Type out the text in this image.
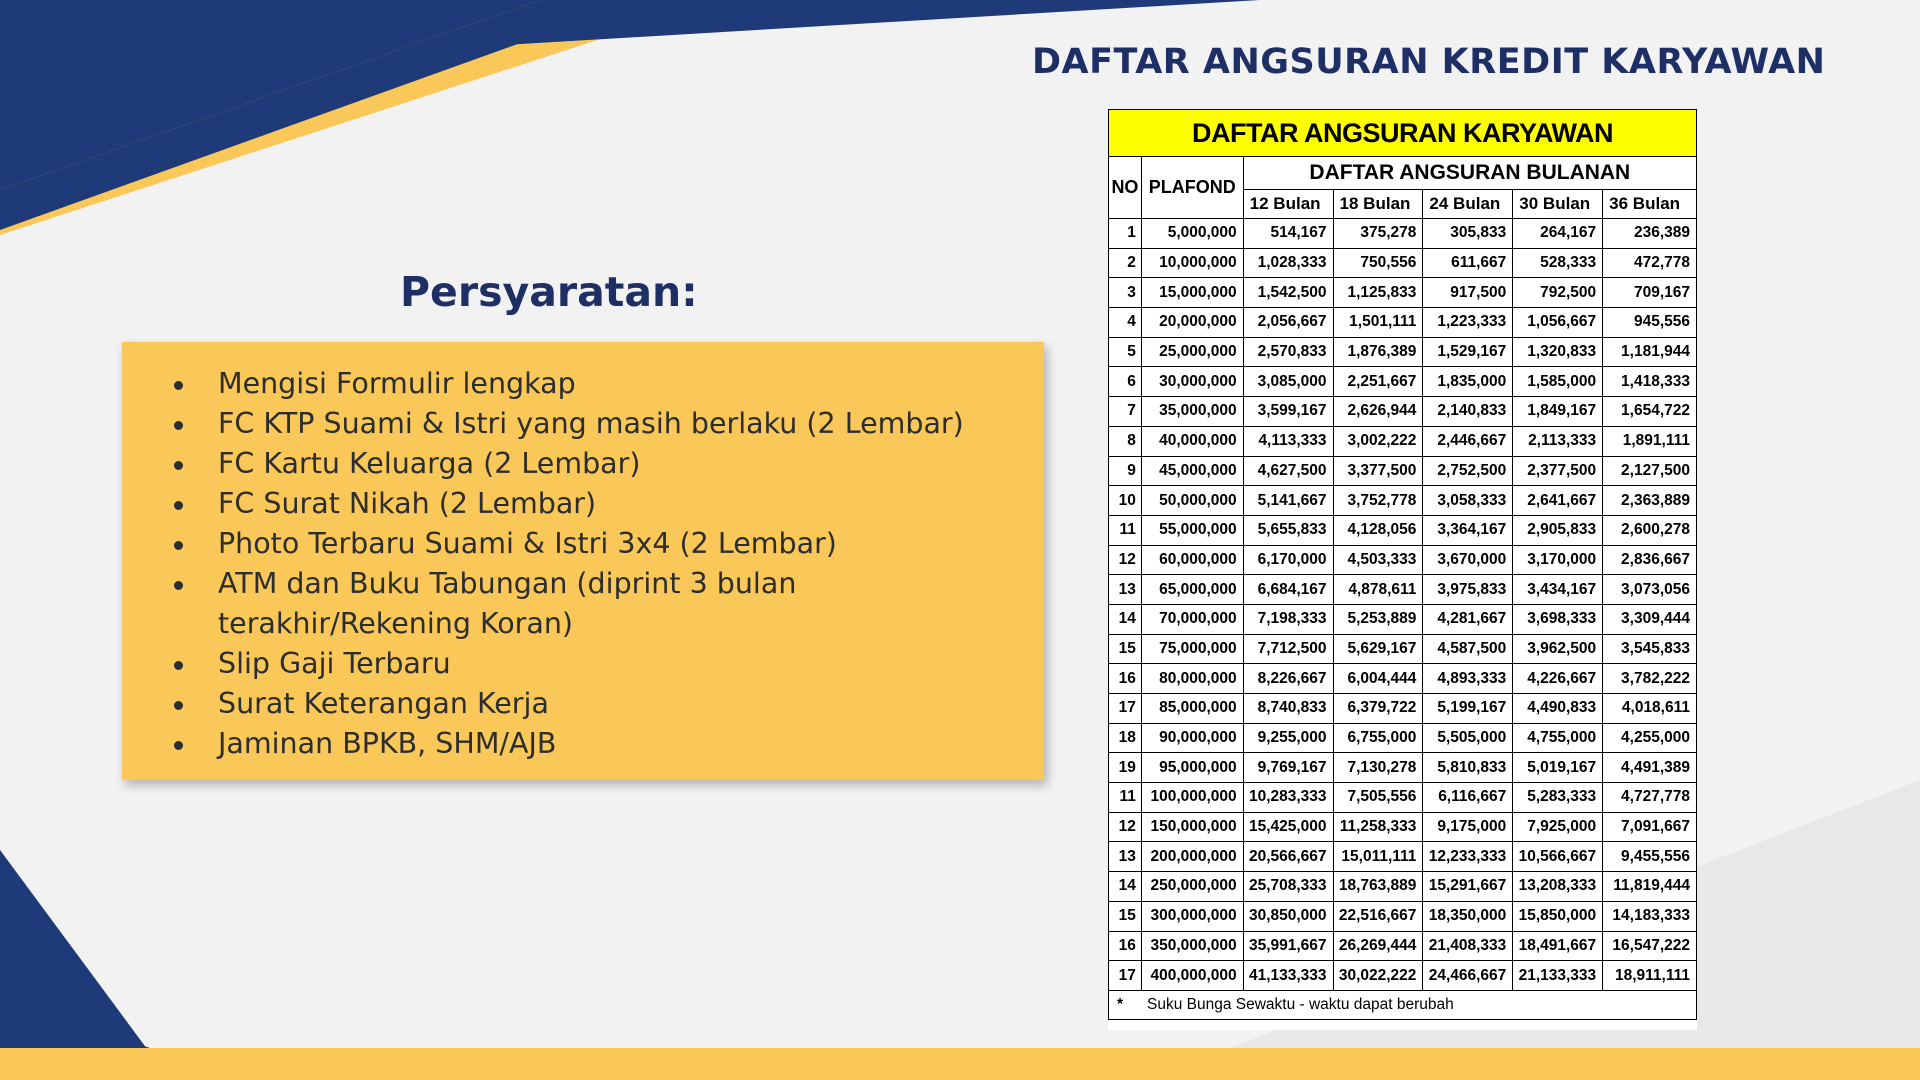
DAFTAR ANGSURAN KREDIT KARYAWAN
Persyaratan:
Mengisi Formulir lengkap
FC KTP Suami & Istri yang masih berlaku (2 Lembar)
FC Kartu Keluarga (2 Lembar)
FC Surat Nikah (2 Lembar)
Photo Terbaru Suami & Istri 3x4 (2 Lembar)
ATM dan Buku Tabungan (diprint 3 bulan terakhir/Rekening Koran)
Slip Gaji Terbaru
Surat Keterangan Kerja
Jaminan BPKB, SHM/AJB
DAFTAR ANGSURAN KARYAWAN						
NO	PLAFOND	DAFTAR ANGSURAN BULANAN				
		12 Bulan	18 Bulan	24 Bulan	30 Bulan	36 Bulan
1	5,000,000	514,167	375,278	305,833	264,167	236,389
2	10,000,000	1,028,333	750,556	611,667	528,333	472,778
3	15,000,000	1,542,500	1,125,833	917,500	792,500	709,167
4	20,000,000	2,056,667	1,501,111	1,223,333	1,056,667	945,556
5	25,000,000	2,570,833	1,876,389	1,529,167	1,320,833	1,181,944
6	30,000,000	3,085,000	2,251,667	1,835,000	1,585,000	1,418,333
7	35,000,000	3,599,167	2,626,944	2,140,833	1,849,167	1,654,722
8	40,000,000	4,113,333	3,002,222	2,446,667	2,113,333	1,891,111
9	45,000,000	4,627,500	3,377,500	2,752,500	2,377,500	2,127,500
10	50,000,000	5,141,667	3,752,778	3,058,333	2,641,667	2,363,889
11	55,000,000	5,655,833	4,128,056	3,364,167	2,905,833	2,600,278
12	60,000,000	6,170,000	4,503,333	3,670,000	3,170,000	2,836,667
13	65,000,000	6,684,167	4,878,611	3,975,833	3,434,167	3,073,056
14	70,000,000	7,198,333	5,253,889	4,281,667	3,698,333	3,309,444
15	75,000,000	7,712,500	5,629,167	4,587,500	3,962,500	3,545,833
16	80,000,000	8,226,667	6,004,444	4,893,333	4,226,667	3,782,222
17	85,000,000	8,740,833	6,379,722	5,199,167	4,490,833	4,018,611
18	90,000,000	9,255,000	6,755,000	5,505,000	4,755,000	4,255,000
19	95,000,000	9,769,167	7,130,278	5,810,833	5,019,167	4,491,389
11	100,000,000	10,283,333	7,505,556	6,116,667	5,283,333	4,727,778
12	150,000,000	15,425,000	11,258,333	9,175,000	7,925,000	7,091,667
13	200,000,000	20,566,667	15,011,111	12,233,333	10,566,667	9,455,556
14	250,000,000	25,708,333	18,763,889	15,291,667	13,208,333	11,819,444
15	300,000,000	30,850,000	22,516,667	18,350,000	15,850,000	14,183,333
16	350,000,000	35,991,667	26,269,444	21,408,333	18,491,667	16,547,222
17	400,000,000	41,133,333	30,022,222	24,466,667	21,133,333	18,911,111
* Suku Bunga Sewaktu - waktu dapat berubah						
